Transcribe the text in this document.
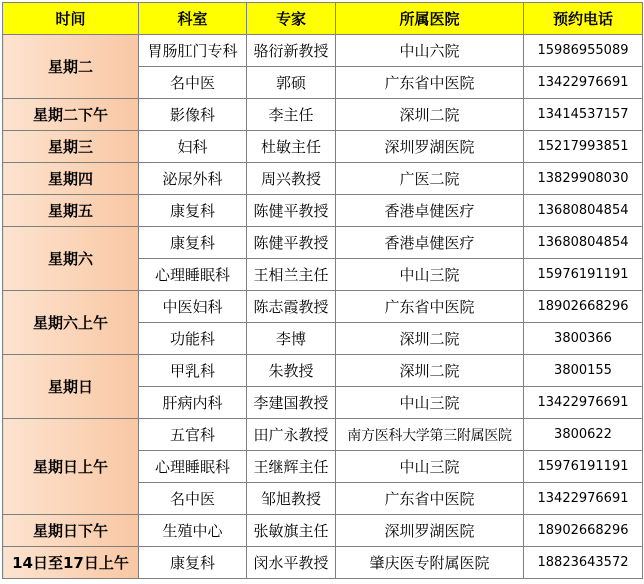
时间	科室	专家	所属医院	预约电话
星期二	胃肠肛门专科	骆衍新教授	中山六院	15986955089
	名中医	郭硕	广东省中医院	13422976691
星期二下午	影像科	李主任	深圳二院	13414537157
星期三	妇科	杜敏主任	深圳罗湖医院	15217993851
星期四	泌尿外科	周兴教授	广医二院	13829908030
星期五	康复科	陈健平教授	香港卓健医疗	13680804854
星期六	康复科	陈健平教授	香港卓健医疗	13680804854
	心理睡眠科	王相兰主任	中山三院	15976191191
星期六上午	中医妇科	陈志霞教授	广东省中医院	18902668296
	功能科	李博	深圳二院	3800366
星期日	甲乳科	朱教授	深圳二院	3800155
	肝病内科	李建国教授	中山三院	13422976691
星期日上午	五官科	田广永教授	南方医科大学第三附属医院	3800622
	心理睡眠科	王继辉主任	中山三院	15976191191
	名中医	邹旭教授	广东省中医院	13422976691
星期日下午	生殖中心	张敏旗主任	深圳罗湖医院	18902668296
14日至17日上午	康复科	闵水平教授	肇庆医专附属医院	18823643572
